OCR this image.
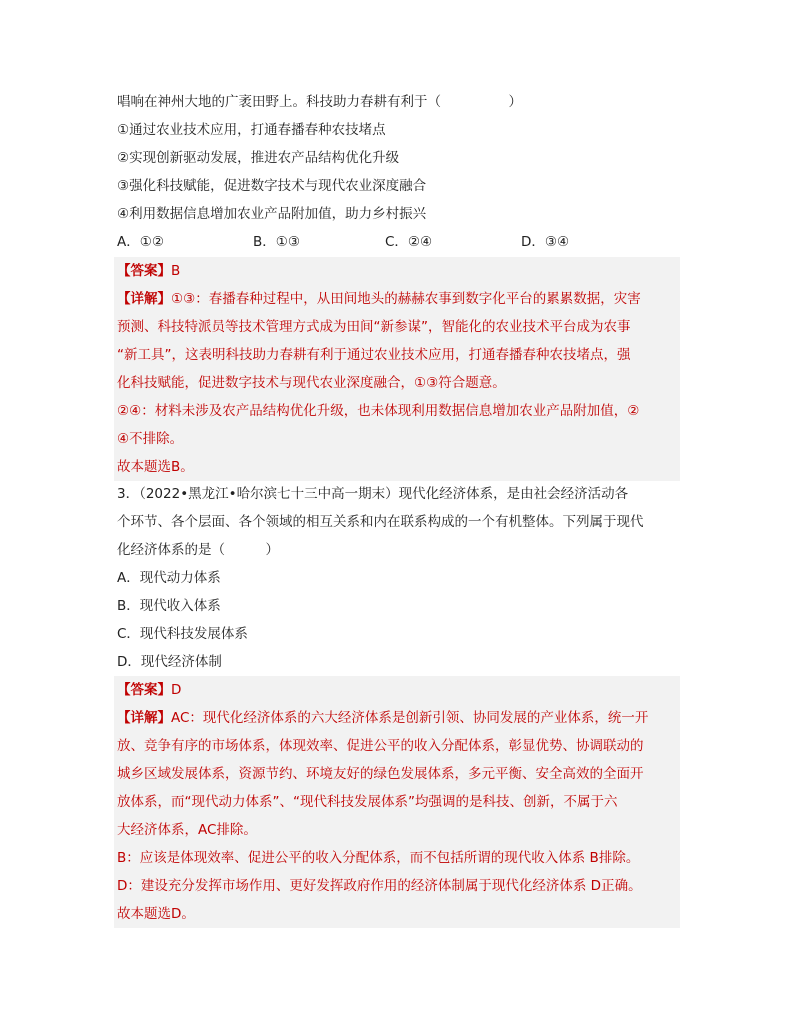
唱响在神州大地的广袤田野上。科技助力春耕有利于（　　　　　）
①通过农业技术应用，打通春播春种农技堵点
②实现创新驱动发展，推进农产品结构优化升级
③强化科技赋能，促进数字技术与现代农业深度融合
④利用数据信息增加农业产品附加值，助力乡村振兴
A．①②	B．①③	C．②④	D．③④
【答案】B
【详解】①③：春播春种过程中，从田间地头的赫赫农事到数字化平台的累累数据，灾害
预测、科技特派员等技术管理方式成为田间“新参谋”，智能化的农业技术平台成为农事
“新工具”，这表明科技助力春耕有利于通过农业技术应用，打通春播春种农技堵点，强
化科技赋能，促进数字技术与现代农业深度融合，①③符合题意。
②④：材料未涉及农产品结构优化升级，也未体现利用数据信息增加农业产品附加值，②
④不排除。
故本题选B。
3．（2022•黑龙江•哈尔滨七十三中高一期末）现代化经济体系，是由社会经济活动各
个环节、各个层面、各个领域的相互关系和内在联系构成的一个有机整体。下列属于现代
化经济体系的是（　　　）
A．现代动力体系
B．现代收入体系
C．现代科技发展体系
D．现代经济体制
【答案】D
【详解】AC：现代化经济体系的六大经济体系是创新引领、协同发展的产业体系，统一开
放、竞争有序的市场体系，体现效率、促进公平的收入分配体系，彰显优势、协调联动的
城乡区域发展体系，资源节约、环境友好的绿色发展体系，多元平衡、安全高效的全面开
放体系，而“现代动力体系”、“现代科技发展体系”均强调的是科技、创新，不属于六
大经济体系，AC排除。
B：应该是体现效率、促进公平的收入分配体系，而不包括所谓的现代收入体系 B排除。
D：建设充分发挥市场作用、更好发挥政府作用的经济体制属于现代化经济体系 D正确。
故本题选D。
